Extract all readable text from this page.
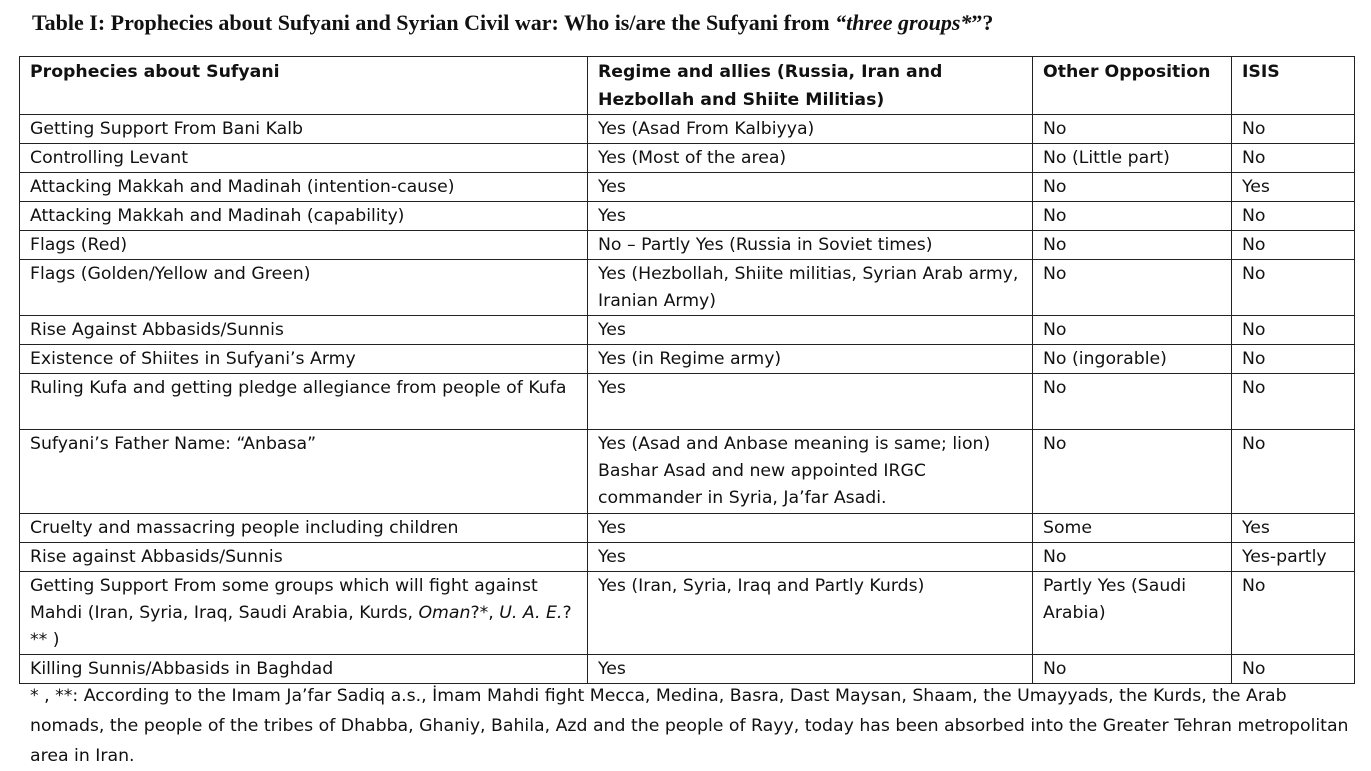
Table I: Prophecies about Sufyani and Syrian Civil war: Who is/are the Sufyani from “three groups*”?
Prophecies about Sufyani	Regime and allies (Russia, Iran and Hezbollah and Shiite Militias)	Other Opposition	ISIS
Getting Support From Bani Kalb	Yes (Asad From Kalbiyya)	No	No
Controlling Levant	Yes (Most of the area)	No (Little part)	No
Attacking Makkah and Madinah (intention-cause)	Yes	No	Yes
Attacking Makkah and Madinah (capability)	Yes	No	No
Flags (Red)	No – Partly Yes (Russia in Soviet times)	No	No
Flags (Golden/Yellow and Green)	Yes (Hezbollah, Shiite militias, Syrian Arab army, Iranian Army)	No	No
Rise Against Abbasids/Sunnis	Yes	No	No
Existence of Shiites in Sufyani’s Army	Yes (in Regime army)	No (ingorable)	No
Ruling Kufa and getting pledge allegiance from people of Kufa	Yes	No	No
Sufyani’s Father Name: “Anbasa”	Yes (Asad and Anbase meaning is same; lion) Bashar Asad and new appointed IRGC commander in Syria, Ja’far Asadi.	No	No
Cruelty and massacring people including children	Yes	Some	Yes
Rise against Abbasids/Sunnis	Yes	No	Yes-partly
Getting Support From some groups which will fight against Mahdi (Iran, Syria, Iraq, Saudi Arabia, Kurds, Oman?*, U. A. E.?** )	Yes (Iran, Syria, Iraq and Partly Kurds)	Partly Yes (Saudi Arabia)	No
Killing Sunnis/Abbasids in Baghdad	Yes	No	No
* , **: According to the Imam Ja’far Sadiq a.s., İmam Mahdi fight Mecca, Medina, Basra, Dast Maysan, Shaam, the Umayyads, the Kurds, the Arab nomads, the people of the tribes of Dhabba, Ghaniy, Bahila, Azd and the people of Rayy, today has been absorbed into the Greater Tehran metropolitan area in Iran.
